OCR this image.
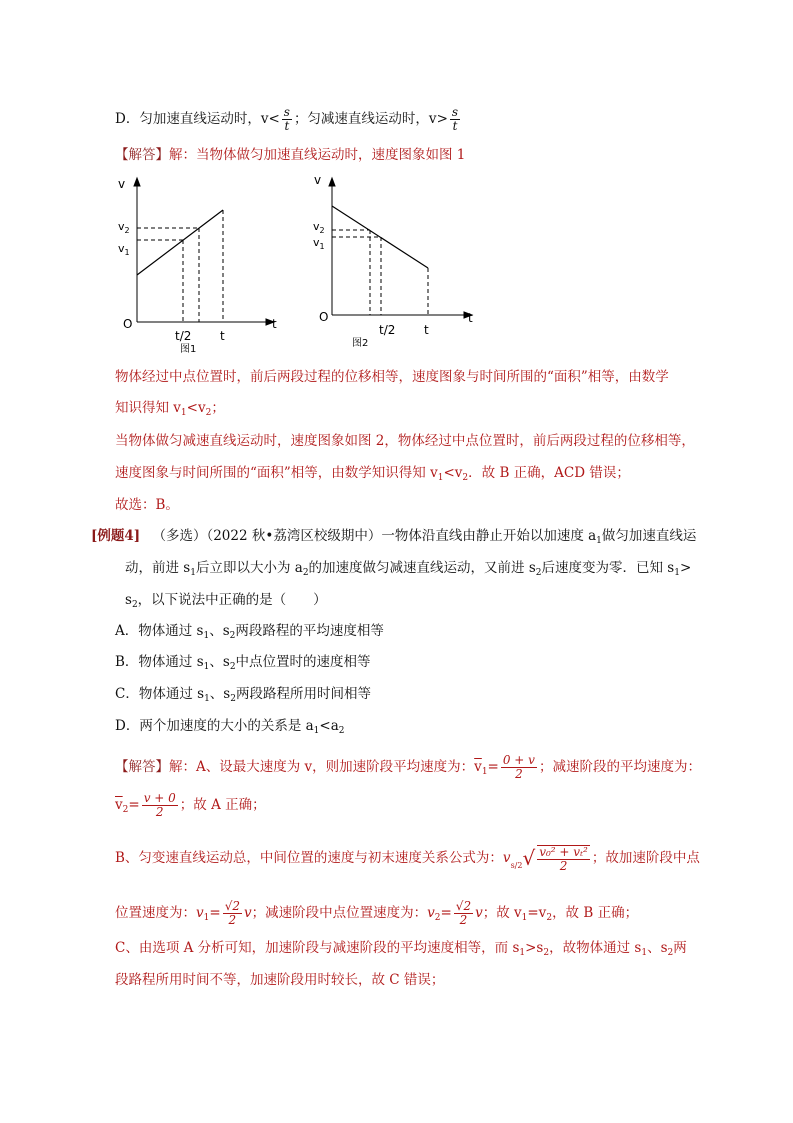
D．匀加速直线运动时，$v< \frac{s}{t}$ ；匀减速直线运动时，$v> \frac{s}{t}$
【解答】解：当物体做匀加速直线运动时，速度图象如图 1
v
$v_2$
$v_1$
O
t/2 t
t
图1
v
$v_2$
$v_1$
O
t/2 t
t
图2
物体经过中点位置时，前后两段过程的位移相等，速度图象与时间所围的“面积”相等，由数学
知识得知 $v_1<v_2$；
当物体做匀减速直线运动时，速度图象如图 2，物体经过中点位置时，前后两段过程的位移相等，
速度图象与时间所围的“面积”相等，由数学知识得知 $v_1<v_2$．故 B 正确，ACD 错误；
故选：B。
[例题4] （多选）（2022 秋•荔湾区校级期中）一物体沿直线由静止开始以加速度 $a_1$做匀加速直线运
动，前进 $s_1$后立即以大小为 $a_2$的加速度做匀减速直线运动，又前进 $s_2$后速度变为零．已知 $s_1>$
$s_2$，以下说法中正确的是（　　）
A．物体通过 $s_1$、$s_2$两段路程的平均速度相等
B．物体通过 $s_1$、$s_2$中点位置时的速度相等
C．物体通过 $s_1$、$s_2$两段路程所用时间相等
D．两个加速度的大小的关系是 $a_1<a_2$
【解答】解：A、设最大速度为 v，则加速阶段平均速度为：$\overline{v}_1= \frac{0 + v}{2}$ ；减速阶段的平均速度为：
$\overline{v}_2= \frac{v + 0}{2}$ ；故 A 正确；
B、匀变速直线运动总，中间位置的速度与初末速度关系公式为：$v_{s/2}√ \frac{\text{v₀² + vₜ²}}{2}$ ；故加速阶段中点
位置速度为：$v_1= \frac{√2}{2}$ v；减速阶段中点位置速度为：$v_2= \frac{√2}{2}$ v；故 $v_1=v_2$，故 B 正确；
C、由选项 A 分析可知，加速阶段与减速阶段的平均速度相等，而 $s_1>s_2$，故物体通过 $s_1$、$s_2$两
段路程所用时间不等，加速阶段用时较长，故 C 错误；
